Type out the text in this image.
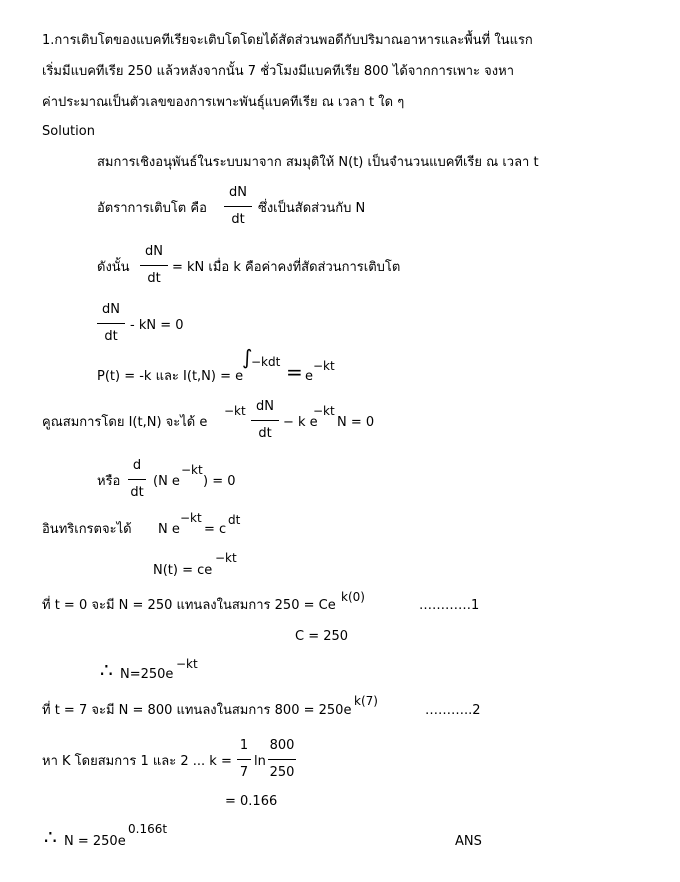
1.การเติบโตของแบคทีเรียจะเติบโตโดยได้สัดส่วนพอดีกับปริมาณอาหารและพื้นที่ ในแรก
เริ่มมีแบคทีเรีย 250 แล้วหลังจากนั้น 7 ชั่วโมงมีแบคทีเรีย 800 ได้จากการเพาะ จงหา
ค่าประมาณเป็นตัวเลขของการเพาะพันธุ์แบคทีเรีย ณ เวลา t ใด ๆ
Solution
สมการเชิงอนุพันธ์ในระบบมาจาก สมมุติให้ N(t) เป็นจำนวนแบคทีเรีย ณ เวลา t
อัตราการเติบโต คือ
dN
dt
ซึ่งเป็นสัดส่วนกับ N
ดังนั้น
dN
dt
= kN เมื่อ k คือค่าคงที่สัดส่วนการเติบโต
dN
dt
- kN = 0
P(t) = -k และ I(t,N) = e
∫
−kdt = e
−kt
คูณสมการโดย I(t,N) จะได้ e
−kt dN
dt
− k e
−kt
N = 0
หรือ
d
dt
(N e
−kt
) = 0
อินทริเกรตจะได้ N e
−kt
= c
dt
N(t) = ce
−kt
ที่ t = 0 จะมี N = 250 แทนลงในสมการ 250 = Ce
k(0)
…………1
C = 250
∴ N=250e
−kt
ที่ t = 7 จะมี N = 800 แทนลงในสมการ 800 = 250e
k(7)
………..2
หา K โดยสมการ 1 และ 2 ... k =
1
7
ln
800
250
= 0.166
∴ N = 250e
0.166t
ANS
